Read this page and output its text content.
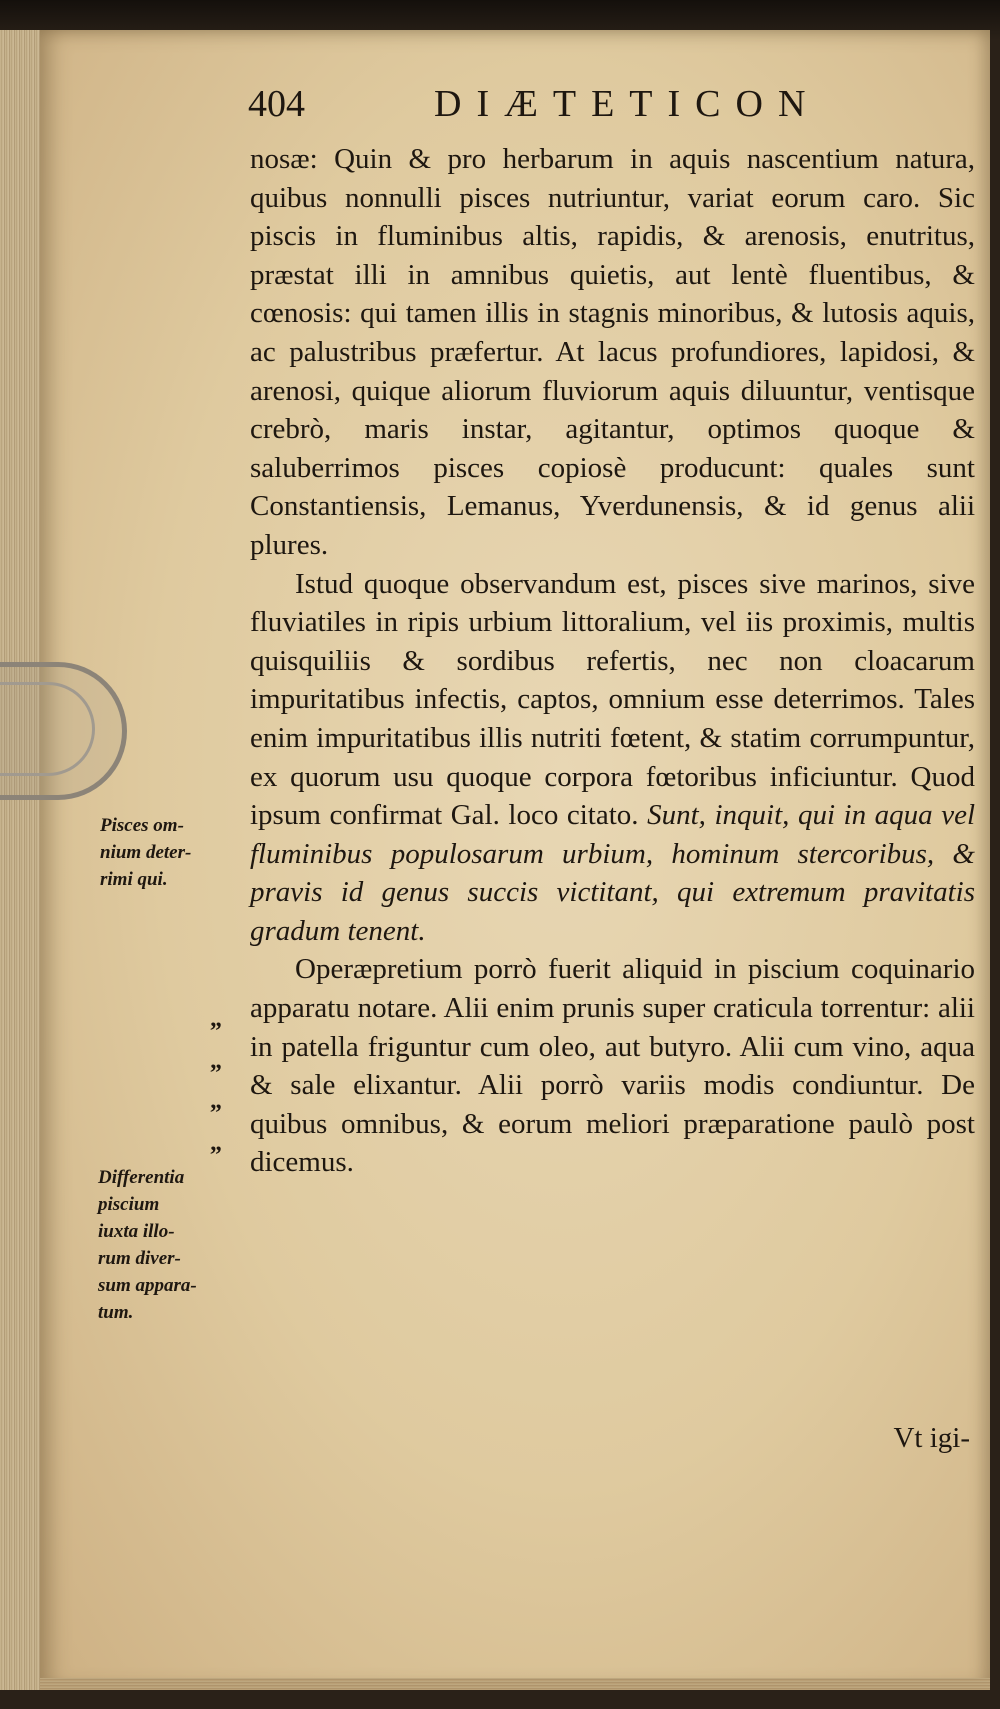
404	DIÆTETICON

nosæ: Quin & pro herbarum in aquis nascentium natura, quibus nonnulli pisces nutriuntur, variat eorum caro. Sic piscis in fluminibus altis, rapidis, & arenosis, enutritus, præstat illi in amnibus quietis, aut lentè fluentibus, & cœnosis: qui tamen illis in stagnis minoribus, & lutosis aquis, ac palustribus præfertur. At lacus profundiores, lapidosi, & arenosi, quique aliorum fluviorum aquis diluuntur, ventisque crebrò, maris instar, agitantur, optimos quoque & saluberrimos pisces copiosè producunt: quales sunt Constantiensis, Lemanus, Yverdunensis, & id genus alii plures.

Istud quoque observandum est, pisces sive marinos, sive fluviatiles in ripis urbium littoralium, vel iis proximis, multis quisquiliis & sordibus refertis, nec non cloacarum impuritatibus infectis, captos, omnium esse deterrimos. Tales enim impuritatibus illis nutriti fœtent, & statim corrumpuntur, ex quorum usu quoque corpora fœtoribus inficiuntur. Quod ipsum confirmat Gal. loco citato. Sunt, inquit, qui in aqua vel fluminibus populosarum urbium, hominum stercoribus, & pravis id genus succis victitant, qui extremum pravitatis gradum tenent.

Operæpretium porrò fuerit aliquid in piscium coquinario apparatu notare. Alii enim prunis super craticula torrentur: alii in patella friguntur cum oleo, aut butyro. Alii cum vino, aqua & sale elixantur. Alii porrò variis modis condiuntur. De quibus omnibus, & eorum meliori præparatione paulò post dicemus.

Vt igi-
Pisces om-
nium deter-
rimi qui.
Differentia
piscium
iuxta illo-
rum diver-
sum appara-
tum.
„
„
„
„
